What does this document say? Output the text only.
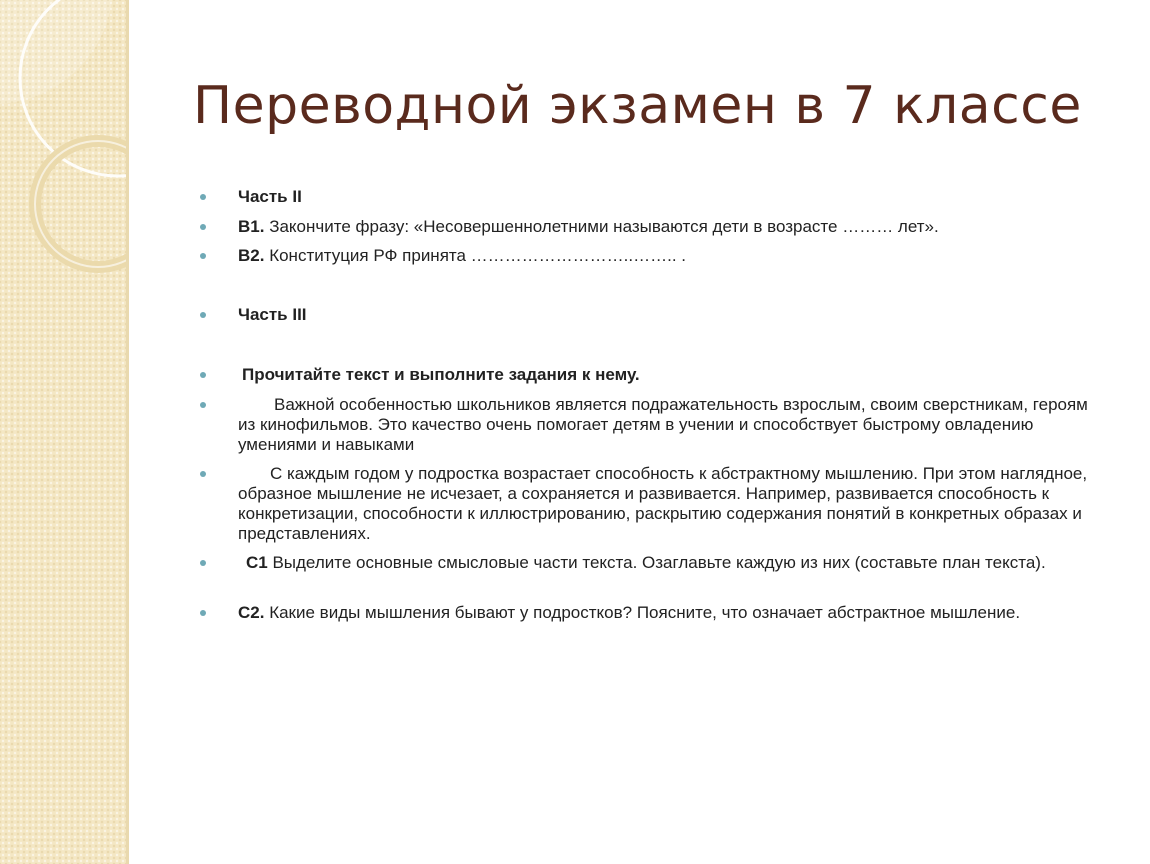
Переводной экзамен в 7 классе
Часть II
В1. Закончите фразу: «Несовершеннолетними называются дети в возрасте ……… лет».
В2. Конституция РФ принята ………………………..…….. .
Часть III
Прочитайте текст и выполните задания к нему.
Важной особенностью школьников является подражательность взрослым, своим сверстникам, героям из кинофильмов. Это качество очень помогает детям в учении и способствует быстрому овладению умениями и навыками
С каждым годом у подростка возрастает способность к абстрактному мышлению. При этом наглядное, образное мышление не исчезает, а сохраняется и развивается. Например, развивается способность к конкретизации, способности к иллюстрированию, раскрытию содержания понятий в конкретных образах и представлениях.
С1 Выделите основные смысловые части текста. Озаглавьте каждую из них (составьте план текста).
С2. Какие виды мышления бывают у подростков? Поясните, что означает абстрактное мышление.
